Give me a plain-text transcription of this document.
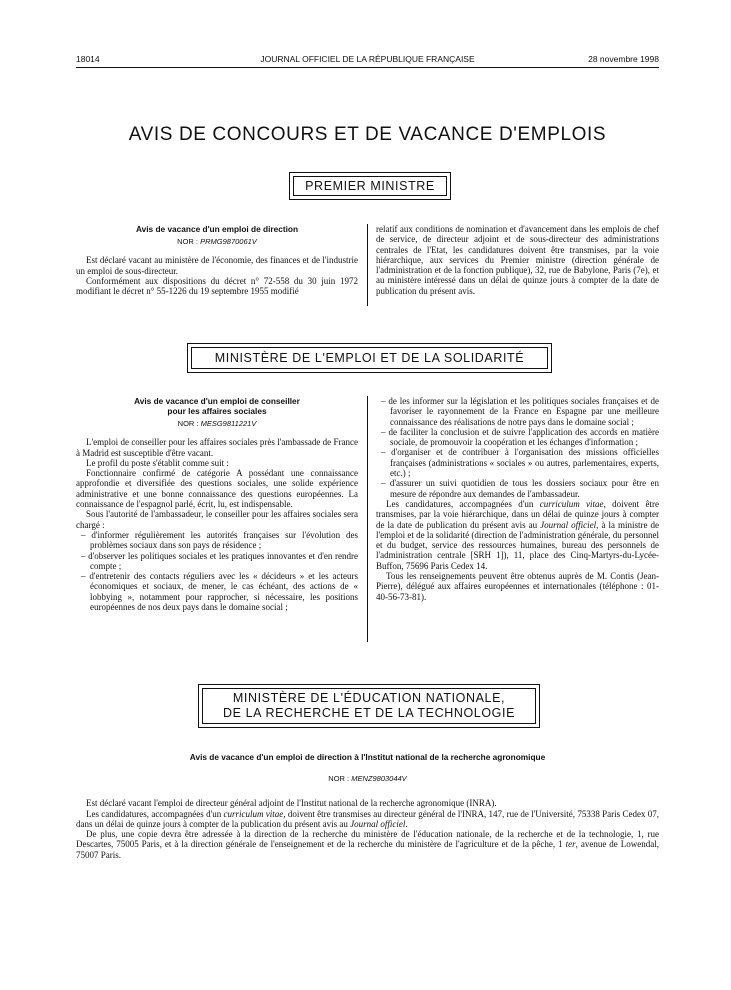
18014	JOURNAL OFFICIEL DE LA RÉPUBLIQUE FRANÇAISE	28 novembre 1998
AVIS DE CONCOURS ET DE VACANCE D'EMPLOIS
PREMIER MINISTRE
Avis de vacance d'un emploi de direction
NOR : PRMG9870061V

Est déclaré vacant au ministère de l'économie, des finances et de l'industrie un emploi de sous-directeur.

Conformément aux dispositions du décret n° 72-558 du 30 juin 1972 modifiant le décret n° 55-1226 du 19 septembre 1955 modifié

relatif aux conditions de nomination et d'avancement dans les emplois de chef de service, de directeur adjoint et de sous-directeur des administrations centrales de l'Etat, les candidatures doivent être transmises, par la voie hiérarchique, aux services du Premier ministre (direction générale de l'administration et de la fonction publique), 32, rue de Babylone, Paris (7e), et au ministère intéressé dans un délai de quinze jours à compter de la date de publication du présent avis.

MINISTÈRE DE L'EMPLOI ET DE LA SOLIDARITÉ
Avis de vacance d'un emploi de conseiller
pour les affaires sociales
NOR : MESG9811221V

L'emploi de conseiller pour les affaires sociales près l'ambassade de France à Madrid est susceptible d'être vacant.

Le profil du poste s'établit comme suit :

Fonctionnaire confirmé de catégorie A possédant une connaissance approfondie et diversifiée des questions sociales, une solide expérience administrative et une bonne connaissance des questions européennes. La connaissance de l'espagnol parlé, écrit, lu, est indispensable.

Sous l'autorité de l'ambassadeur, le conseiller pour les affaires sociales sera chargé :

– d'informer régulièrement les autorités françaises sur l'évolution des problèmes sociaux dans son pays de résidence ;

– d'observer les politiques sociales et les pratiques innovantes et d'en rendre compte ;

– d'entretenir des contacts réguliers avec les « décideurs » et les acteurs économiques et sociaux, de mener, le cas échéant, des actions de « lobbying », notamment pour rapprocher, si nécessaire, les positions européennes de nos deux pays dans le domaine social ;

– de les informer sur la législation et les politiques sociales françaises et de favoriser le rayonnement de la France en Espagne par une meilleure connaissance des réalisations de notre pays dans le domaine social ;

– de faciliter la conclusion et de suivre l'application des accords en matière sociale, de promouvoir la coopération et les échanges d'information ;

– d'organiser et de contribuer à l'organisation des missions officielles françaises (administrations « sociales » ou autres, parlementaires, experts, etc.) ;

– d'assurer un suivi quotidien de tous les dossiers sociaux pour être en mesure de répondre aux demandes de l'ambassadeur.

Les candidatures, accompagnées d'un curriculum vitae, doivent être transmises, par la voie hiérarchique, dans un délai de quinze jours à compter de la date de publication du présent avis au Journal officiel, à la ministre de l'emploi et de la solidarité (direction de l'administration générale, du personnel et du budget, service des ressources humaines, bureau des personnels de l'administration centrale [SRH 1]), 11, place des Cinq-Martyrs-du-Lycée-Buffon, 75696 Paris Cedex 14.

Tous les renseignements peuvent être obtenus auprès de M. Contis (Jean-Pierre), délégué aux affaires européennes et internationales (téléphone : 01-40-56-73-81).

MINISTÈRE DE L'ÉDUCATION NATIONALE,
DE LA RECHERCHE ET DE LA TECHNOLOGIE
Avis de vacance d'un emploi de direction à l'Institut national de la recherche agronomique
NOR : MENZ9803044V

Est déclaré vacant l'emploi de directeur général adjoint de l'Institut national de la recherche agronomique (INRA).

Les candidatures, accompagnées d'un curriculum vitae, doivent être transmises au directeur général de l'INRA, 147, rue de l'Université, 75338 Paris Cedex 07, dans un délai de quinze jours à compter de la publication du présent avis au Journal officiel.

De plus, une copie devra être adressée à la direction de la recherche du ministère de l'éducation nationale, de la recherche et de la technologie, 1, rue Descartes, 75005 Paris, et à la direction générale de l'enseignement et de la recherche du ministère de l'agriculture et de la pêche, 1 ter, avenue de Lowendal, 75007 Paris.
